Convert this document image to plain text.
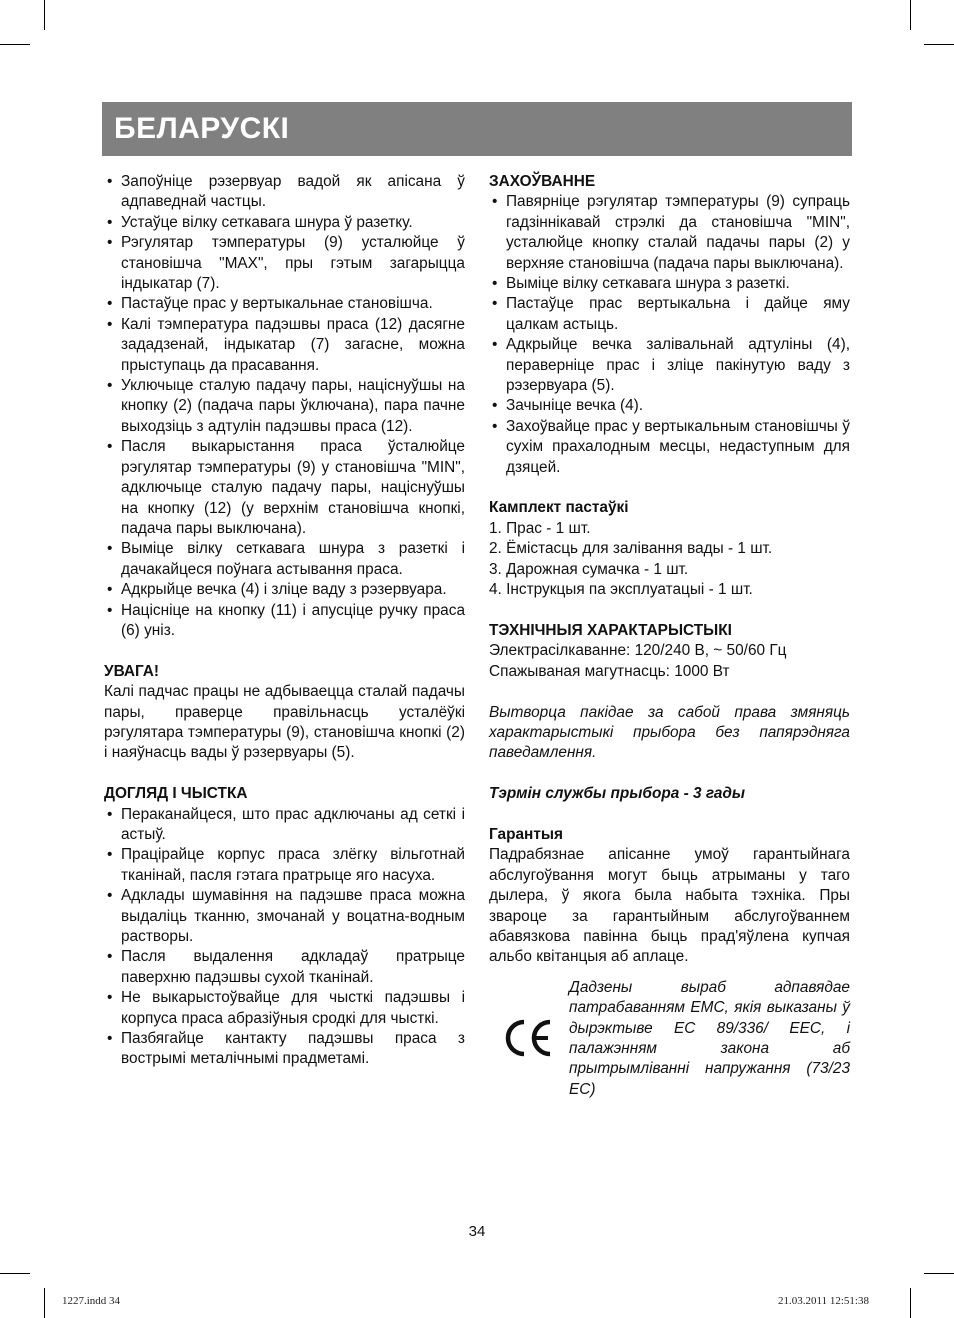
БЕЛАРУСКІ
• Запоўніце рэзервуар вадой як апісана ў адпаведнай частцы.
• Устаўце вілку сеткавага шнура ў разетку.
• Рэгулятар тэмпературы (9) усталюйце ў становішча "MAX", пры гэтым загарыцца індыкатар (7).
• Пастаўце прас у вертыкальнае становішча.
• Калі тэмпература падэшвы праса (12) дасягне зададзенай, індыкатар (7) загасне, можна прыступаць да прасавання.
• Уключыце сталую падачу пары, націснуўшы на кнопку (2) (падача пары ўключана), пара пачне выходзіць з адтулін падэшвы праса (12).
• Пасля выкарыстання праса ўсталюйце рэгулятар тэмпературы (9) у становішча "MIN", адключыце сталую падачу пары, націснуўшы на кнопку (12) (у верхнім становішча кнопкі, падача пары выключана).
• Выміце вілку сеткавага шнура з разеткі і дачакайцеся поўнага астывання праса.
• Адкрыйце вечка (4) і зліце ваду з рэзервуара.
• Націсніце на кнопку (11) і апусціце ручку праса (6) уніз.

УВАГА!

Калі падчас працы не адбываецца сталай падачы пары, праверце правільнасць усталёўкі рэгулятара тэмпературы (9), становішча кнопкі (2) і наяўнасць вады ў рэзервуары (5).

ДОГЛЯД І ЧЫСТКА

• Пераканайцеся, што прас адключаны ад сеткі і астыў.
• Працірайце корпус праса злёгку вільготнай тканінай, пасля гэтага пратрыце яго насуха.
• Адклады шумавіння на падэшве праса можна выдаліць тканню, змочанай у воцатна-водным растворы.
• Пасля выдалення адкладаў пратрыце паверхню падэшвы сухой тканінай.
• Не выкарыстоўвайце для чысткі падэшвы і корпуса праса абразіўныя сродкі для чысткі.
• Пазбягайце кантакту падэшвы праса з вострымі металічнымі прадметамі.

ЗАХОЎВАННЕ

• Павярніце рэгулятар тэмпературы (9) супраць гадзіннікавай стрэлкі да становішча "MIN", усталюйце кнопку сталай падачы пары (2) у верхняе становішча (падача пары выключана).
• Выміце вілку сеткавага шнура з разеткі.
• Пастаўце прас вертыкальна і дайце яму цалкам астыць.
• Адкрыйце вечка залівальнай адтуліны (4), пераверніце прас і зліце пакінутую ваду з рэзервуара (5).
• Зачыніце вечка (4).
• Захоўвайце прас у вертыкальным становішчы ў сухім прахалодным месцы, недаступным для дзяцей.

Камплект пастаўкі

1. Прас - 1 шт.

2. Ёмістасць для залівання вады - 1 шт.

3. Дарожная сумачка - 1 шт.

4. Інструкцыя па эксплуатацыі - 1 шт.

ТЭХНІЧНЫЯ ХАРАКТАРЫСТЫКІ

Электрасілкаванне: 120/240 В, ~ 50/60 Гц

Спажываная магутнасць: 1000 Вт

Вытворца пакідае за сабой права змяняць характарыстыкі прыбора без папярэдняга паведамлення.

Тэрмін службы прыбора - 3 гады

Гарантыя

Падрабязнае апісанне умоў гарантыйнага абслугоўвання могут быць атрыманы у таго дылера, ў якога была набыта тэхніка. Пры звароце за гарантыйным абслугоўваннем абавязкова павінна быць прад'яўлена купчая альбо квітанцыя аб аплаце.

Дадзены выраб адпавядае патрабаванням EMC, якія выказаны ў дырэктыве ЕС 89/336/ EEC, і палажэнням закона аб прытрымліванні напружання (73/23 EC)
34
1227.indd 34	21.03.2011 12:51:38
